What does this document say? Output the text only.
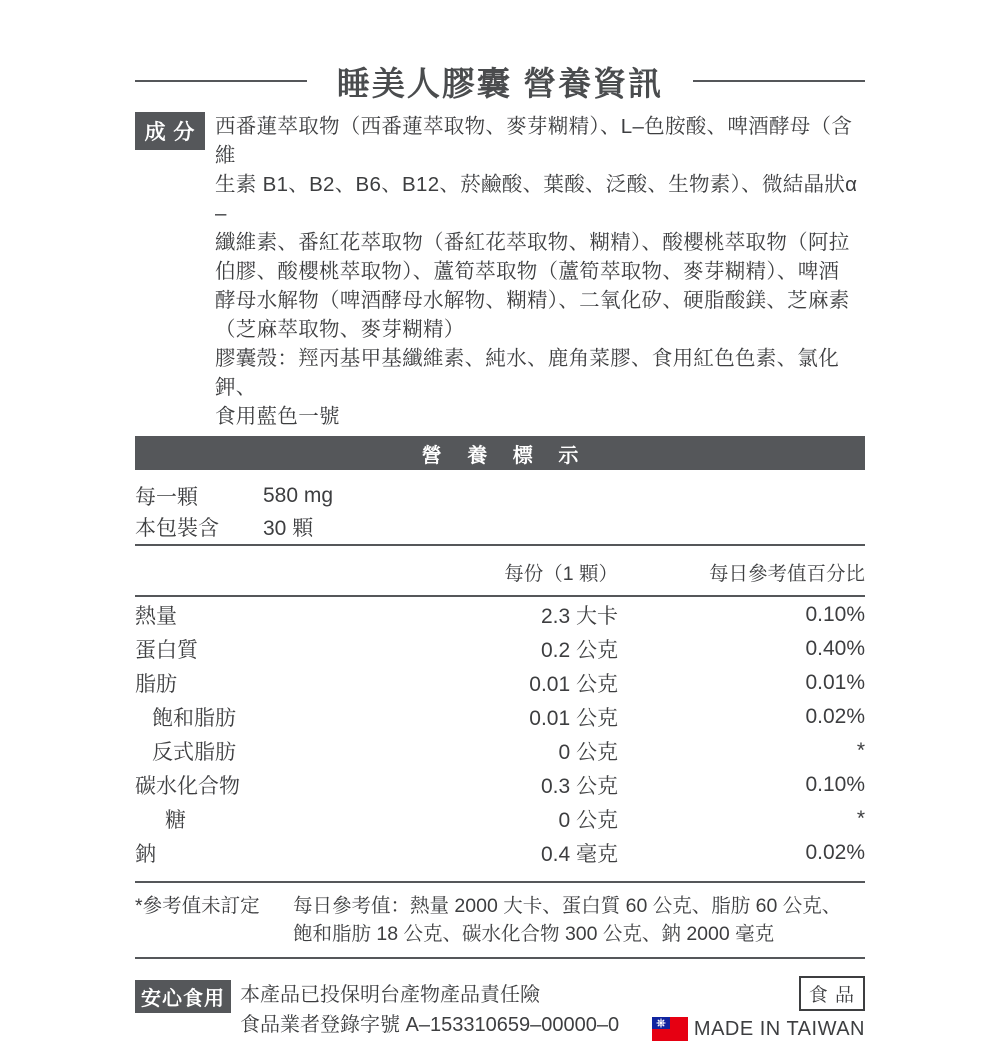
睡美人膠囊 營養資訊
成 分 西番蓮萃取物（西番蓮萃取物、麥芽糊精）、L–色胺酸、啤酒酵母（含維
生素 B1、B2、B6、B12、菸鹼酸、葉酸、泛酸、生物素）、微結晶狀α –
纖維素、番紅花萃取物（番紅花萃取物、糊精）、酸櫻桃萃取物（阿拉
伯膠、酸櫻桃萃取物）、蘆筍萃取物（蘆筍萃取物、麥芽糊精）、啤酒
酵母水解物（啤酒酵母水解物、糊精）、二氧化矽、硬脂酸鎂、芝麻素
（芝麻萃取物、麥芽糊精）
膠囊殼：羥丙基甲基纖維素、純水、鹿角菜膠、食用紅色色素、氯化鉀、
食用藍色一號
營 養 標 示
每一顆	580 mg
本包裝含	30 顆
每份（1 顆）	每日參考值百分比
熱量	2.3 大卡	0.10%
蛋白質	0.2 公克	0.40%
脂肪	0.01 公克	0.01%
飽和脂肪	0.01 公克	0.02%
反式脂肪	0 公克	*
碳水化合物	0.3 公克	0.10%
糖	0 公克	*
鈉	0.4 毫克	0.02%
*參考值未訂定	每日參考值：熱量 2000 大卡、蛋白質 60 公克、脂肪 60 公克、
飽和脂肪 18 公克、碳水化合物 300 公克、鈉 2000 毫克
安心食用 本產品已投保明台產物產品責任險
食品業者登錄字號 A–153310659–00000–0
食 品
MADE IN TAIWAN
